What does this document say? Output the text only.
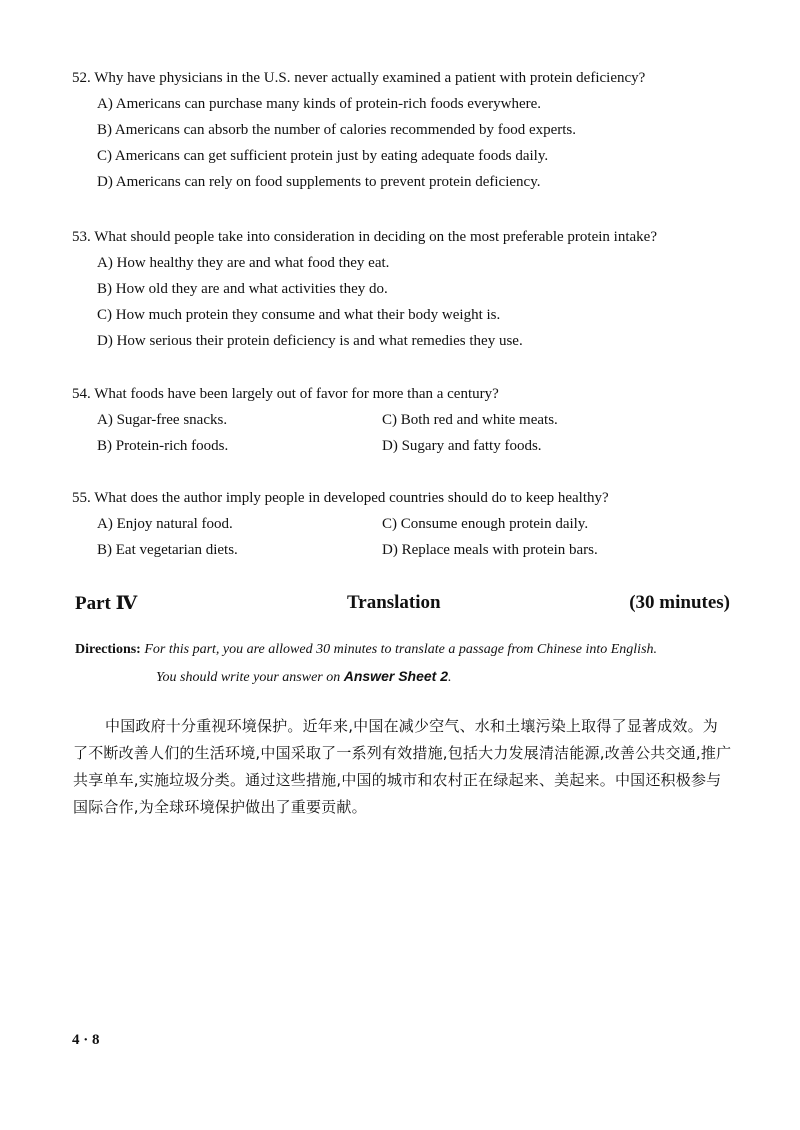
52. Why have physicians in the U.S. never actually examined a patient with protein deficiency?
A) Americans can purchase many kinds of protein-rich foods everywhere.
B) Americans can absorb the number of calories recommended by food experts.
C) Americans can get sufficient protein just by eating adequate foods daily.
D) Americans can rely on food supplements to prevent protein deficiency.
53. What should people take into consideration in deciding on the most preferable protein intake?
A) How healthy they are and what food they eat.
B) How old they are and what activities they do.
C) How much protein they consume and what their body weight is.
D) How serious their protein deficiency is and what remedies they use.
54. What foods have been largely out of favor for more than a century?
A) Sugar-free snacks.	C) Both red and white meats.
B) Protein-rich foods.	D) Sugary and fatty foods.
55. What does the author imply people in developed countries should do to keep healthy?
A) Enjoy natural food.	C) Consume enough protein daily.
B) Eat vegetarian diets.	D) Replace meals with protein bars.
Part Ⅳ	Translation	(30 minutes)
Directions: For this part, you are allowed 30 minutes to translate a passage from Chinese into English.
You should write your answer on Answer Sheet 2.
中国政府十分重视环境保护。近年来,中国在减少空气、水和土壤污染上取得了显著成效。为了不断改善人们的生活环境,中国采取了一系列有效措施,包括大力发展清洁能源,改善公共交通,推广共享单车,实施垃圾分类。通过这些措施,中国的城市和农村正在绿起来、美起来。中国还积极参与国际合作,为全球环境保护做出了重要贡献。
4 · 8
